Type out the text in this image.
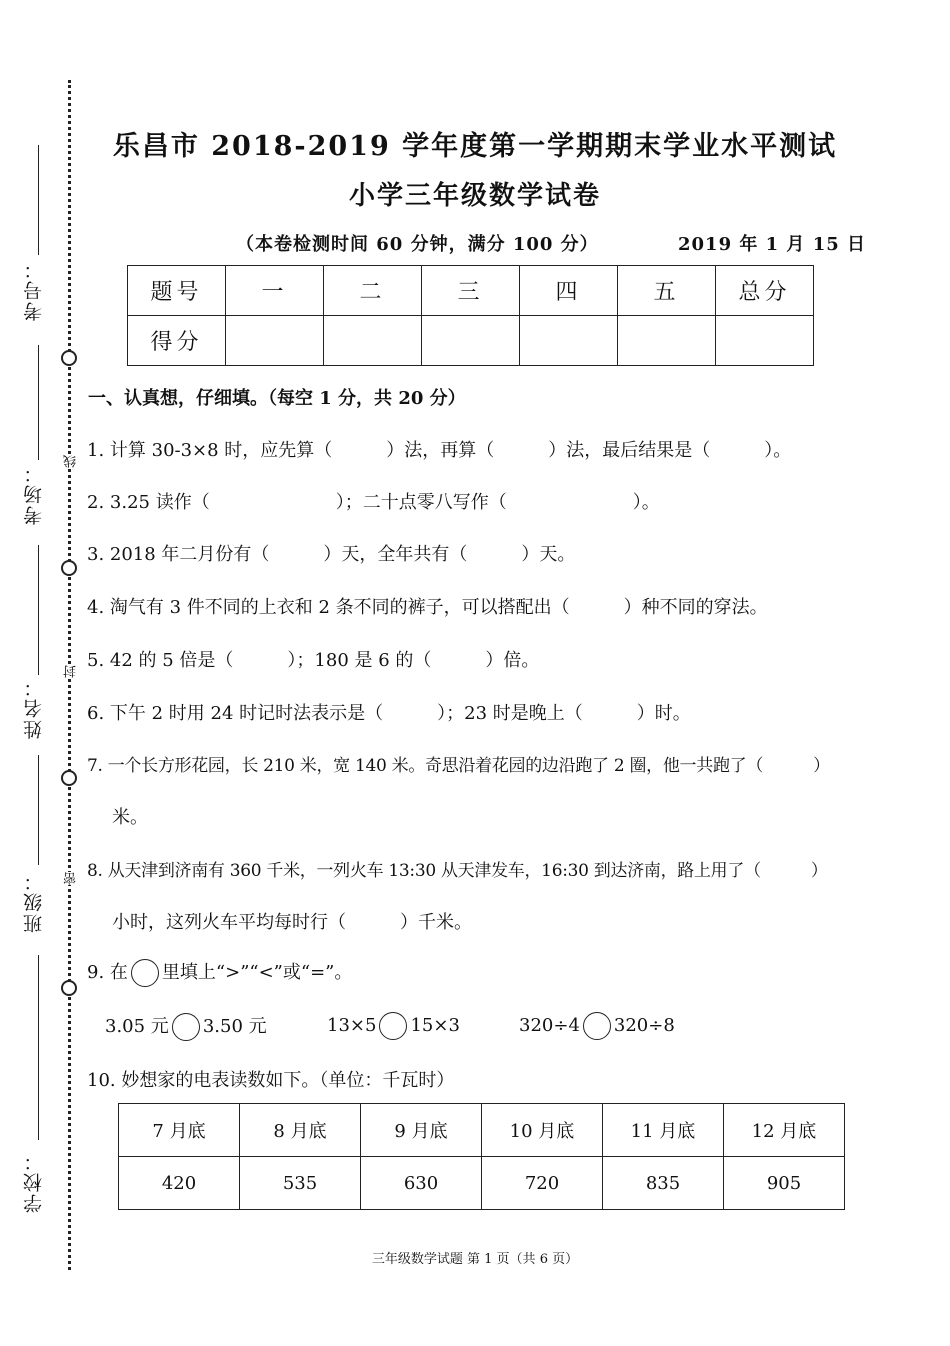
考号：
考场：
姓名：
班级：
学校：
线
封
密
乐昌市 2018-2019 学年度第一学期期末学业水平测试
小学三年级数学试卷
（本卷检测时间 60 分钟，满分 100 分）	2019 年 1 月 15 日
题号	一	二	三	四	五	总分
得分						
一、认真想，仔细填。（每空 1 分，共 20 分）
1. 计算 30-3×8 时，应先算（　　　）法，再算（　　　）法，最后结果是（　　　）。
2. 3.25 读作（　　　　　　　）；二十点零八写作（　　　　　　　）。
3. 2018 年二月份有（　　　）天，全年共有（　　　）天。
4. 淘气有 3 件不同的上衣和 2 条不同的裤子，可以搭配出（　　　）种不同的穿法。
5. 42 的 5 倍是（　　　）；180 是 6 的（　　　）倍。
6. 下午 2 时用 24 时记时法表示是（　　　）；23 时是晚上（　　　）时。
7. 一个长方形花园，长 210 米，宽 140 米。奇思沿着花园的边沿跑了 2 圈，他一共跑了（　　　）
米。
8. 从天津到济南有 360 千米，一列火车 13:30 从天津发车，16:30 到达济南，路上用了（　　　）
小时，这列火车平均每时行（　　　）千米。
9. 在 里填上“>”“<”或“=”。
3.05 元 3.50 元	13×5 15×3	320÷4 320÷8
10. 妙想家的电表读数如下。（单位：千瓦时）
7 月底	8 月底	9 月底	10 月底	11 月底	12 月底
420	535	630	720	835	905
三年级数学试题 第 1 页（共 6 页）
